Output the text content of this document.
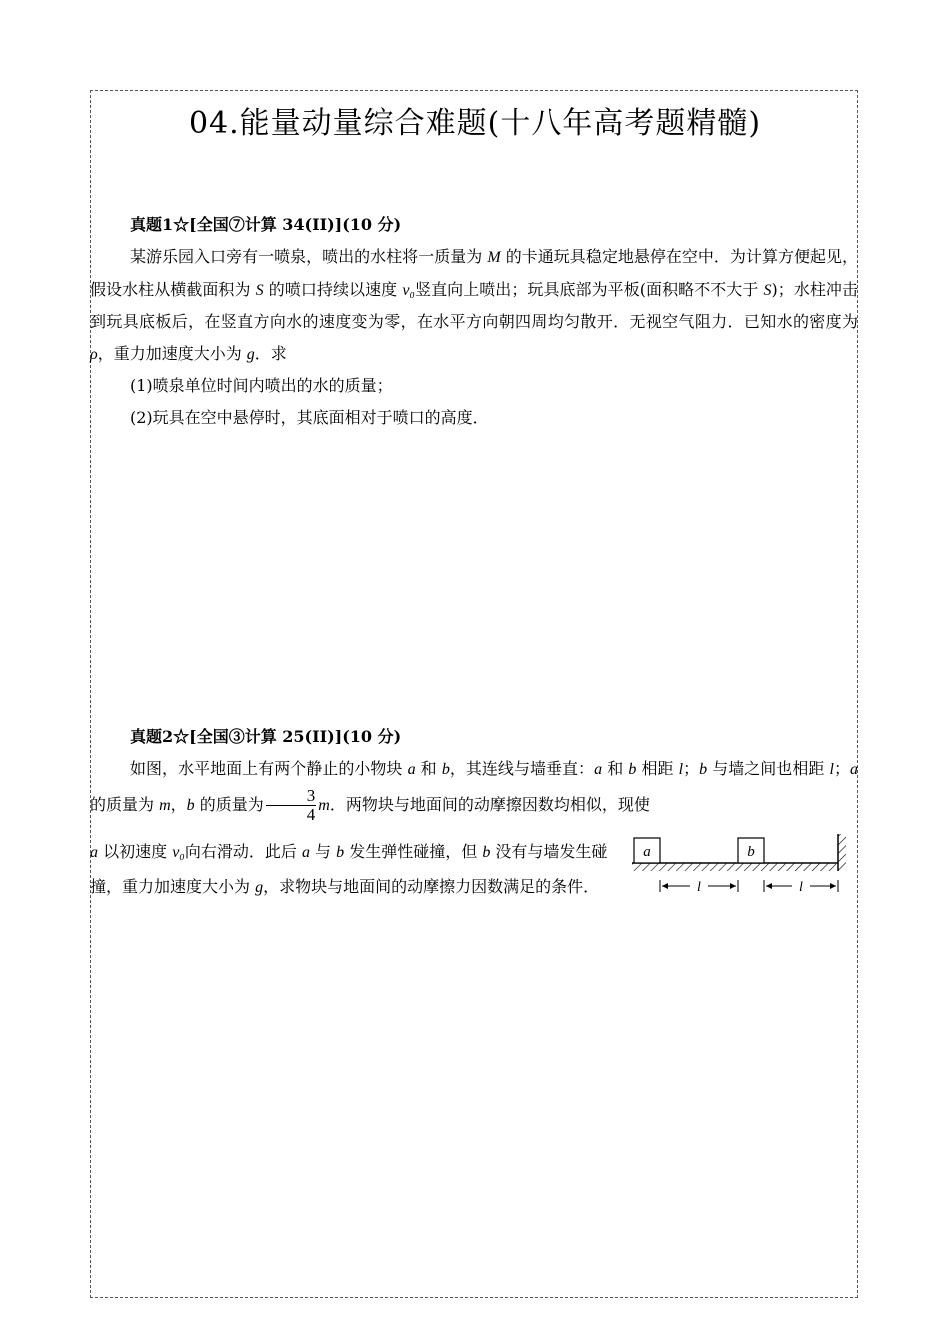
04.能量动量综合难题(十八年高考题精髓)
真题1☆[全国⑦计算 34(II)](10 分)

某游乐园入口旁有一喷泉，喷出的水柱将一质量为 M 的卡通玩具稳定地悬停在空中．为计算方便起见，假设水柱从横截面积为 S 的喷口持续以速度 v₀竖直向上喷出；玩具底部为平板(面积略不不大于 S)；水柱冲击到玩具底板后，在竖直方向水的速度变为零，在水平方向朝四周均匀散开．无视空气阻力．已知水的密度为 ρ，重力加速度大小为 g．求

(1)喷泉单位时间内喷出的水的质量；

(2)玩具在空中悬停时，其底面相对于喷口的高度．

真题2☆[全国③计算 25(II)](10 分)

如图，水平地面上有两个静止的小物块 a 和 b，其连线与墙垂直：a 和 b 相距 l；b 与墙之间也相距 l；a 的质量为 m，b 的质量为 $\frac{3}{4}$ m．两物块与地面间的动摩擦因数均相似，现使

a 以初速度 v₀向右滑动．此后 a 与 b 发生弹性碰撞，但 b 没有与墙发生碰撞，重力加速度大小为 g，求物块与地面间的动摩擦力因数满足的条件．
a	b
l	l
